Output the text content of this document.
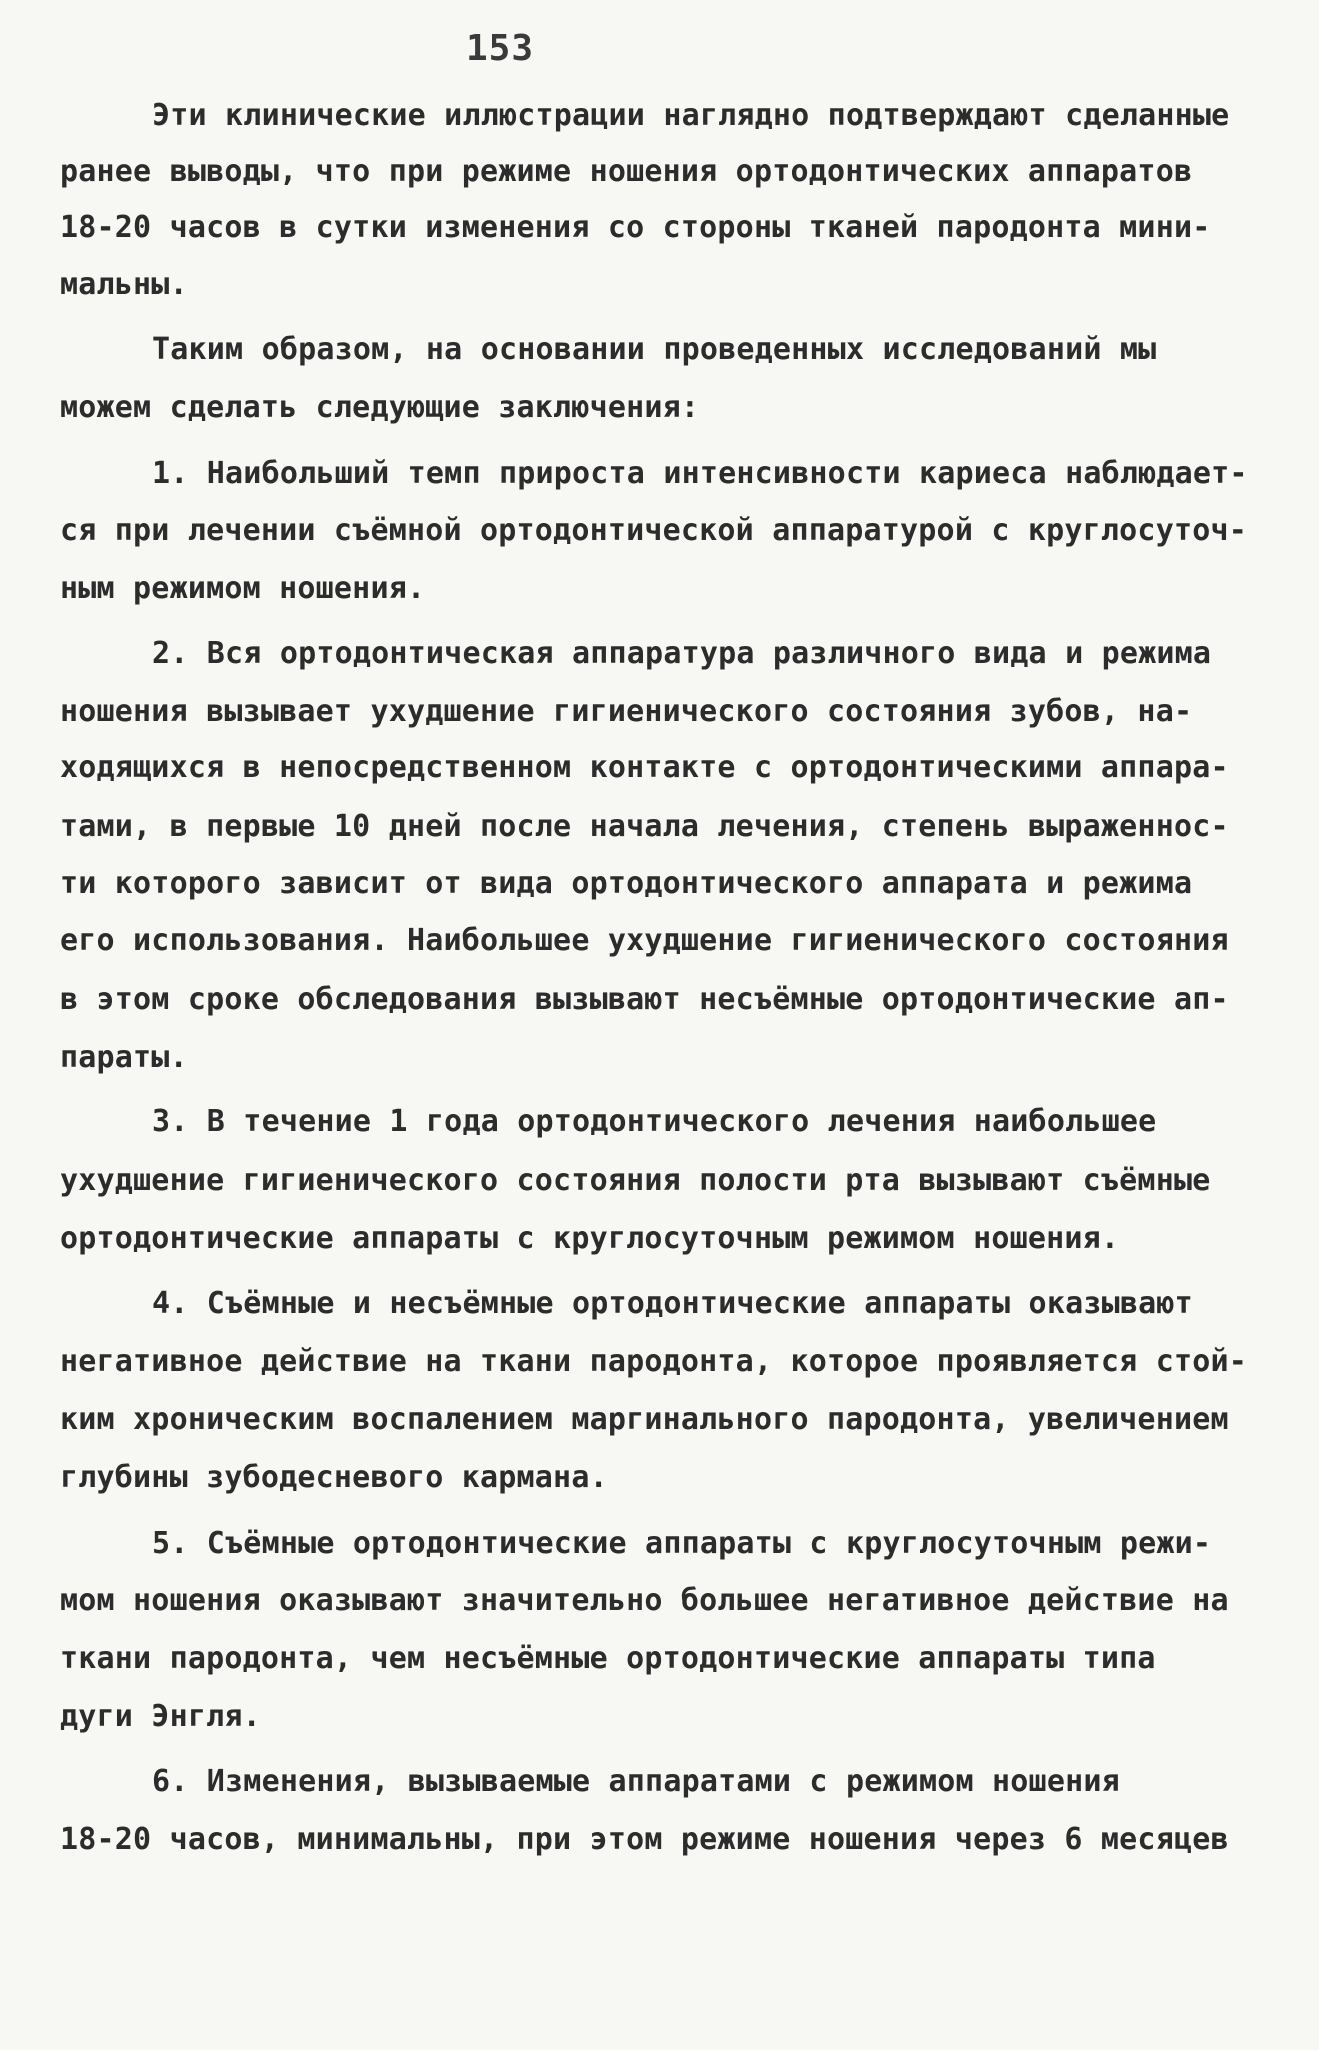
153
Эти клинические иллюстрации наглядно подтверждают сделанные
ранее выводы, что при режиме ношения ортодонтических аппаратов
18-20 часов в сутки изменения со стороны тканей пародонта мини-
мальны.
Таким образом, на основании проведенных исследований мы
можем сделать следующие заключения:
1. Наибольший темп прироста интенсивности кариеса наблюдает-
ся при лечении съёмной ортодонтической аппаратурой с круглосуточ-
ным режимом ношения.
2. Вся ортодонтическая аппаратура различного вида и режима
ношения вызывает ухудшение гигиенического состояния зубов, на-
ходящихся в непосредственном контакте с ортодонтическими аппара-
тами, в первые 10 дней после начала лечения, степень выраженнос-
ти которого зависит от вида ортодонтического аппарата и режима
его использования. Наибольшее ухудшение гигиенического состояния
в этом сроке обследования вызывают несъёмные ортодонтические ап-
параты.
3. В течение 1 года ортодонтического лечения наибольшее
ухудшение гигиенического состояния полости рта вызывают съёмные
ортодонтические аппараты с круглосуточным режимом ношения.
4. Съёмные и несъёмные ортодонтические аппараты оказывают
негативное действие на ткани пародонта, которое проявляется стой-
ким хроническим воспалением маргинального пародонта, увеличением
глубины зубодесневого кармана.
5. Съёмные ортодонтические аппараты с круглосуточным режи-
мом ношения оказывают значительно большее негативное действие на
ткани пародонта, чем несъёмные ортодонтические аппараты типа
дуги Энгля.
6. Изменения, вызываемые аппаратами с режимом ношения
18-20 часов, минимальны, при этом режиме ношения через 6 месяцев
